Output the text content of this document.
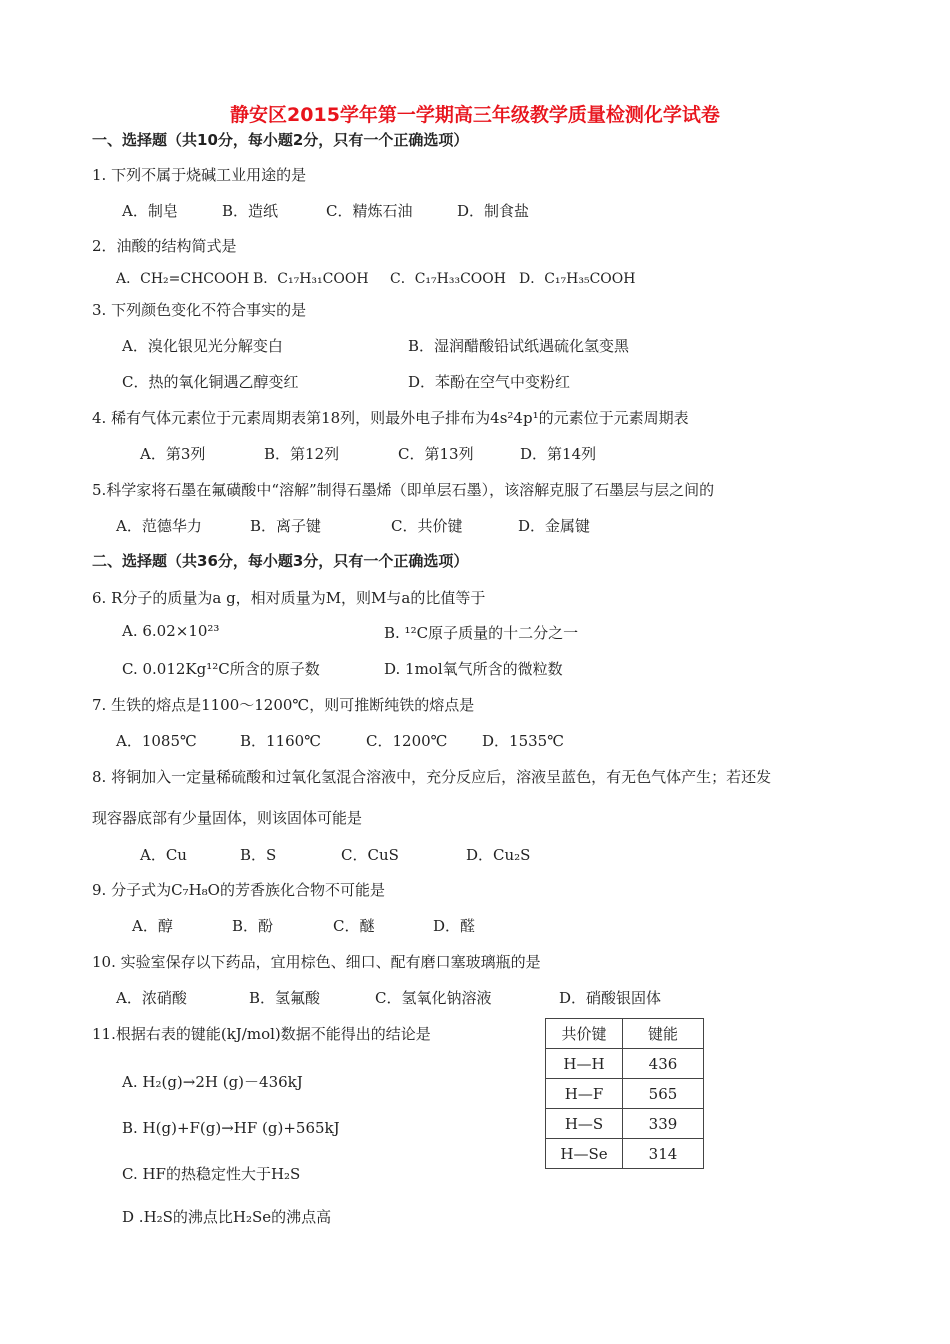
静安区2015学年第一学期高三年级教学质量检测化学试卷
一、选择题（共10分，每小题2分，只有一个正确选项）
1. 下列不属于烧碱工业用途的是
A．制皂	B．造纸	C．精炼石油	D．制食盐
2．油酸的结构简式是
A．CH₂=CHCOOH B．C₁₇H₃₁COOH C．C₁₇H₃₃COOH D．C₁₇H₃₅COOH
3. 下列颜色变化不符合事实的是
A．溴化银见光分解变白	B．湿润醋酸铅试纸遇硫化氢变黑
C．热的氧化铜遇乙醇变红	D．苯酚在空气中变粉红
4. 稀有气体元素位于元素周期表第18列，则最外电子排布为4s²4p¹的元素位于元素周期表
A．第3列	B．第12列	C．第13列	D．第14列
5.科学家将石墨在氟磺酸中“溶解”制得石墨烯（即单层石墨），该溶解克服了石墨层与层之间的
A．范德华力	B．离子键	C．共价键	D．金属键
二、选择题（共36分，每小题3分，只有一个正确选项）
6. R分子的质量为a g，相对质量为M，则M与a的比值等于
A. 6.02×10²³	B. ¹²C原子质量的十二分之一
C. 0.012Kg¹²C所含的原子数	D. 1mol氧气所含的微粒数
7. 生铁的熔点是1100～1200℃，则可推断纯铁的熔点是
A．1085℃	B．1160℃	C．1200℃ D．1535℃
8. 将铜加入一定量稀硫酸和过氧化氢混合溶液中，充分反应后，溶液呈蓝色，有无色气体产生；若还发
现容器底部有少量固体，则该固体可能是
A．Cu	B．S	C．CuS	D．Cu₂S
9. 分子式为C₇H₈O的芳香族化合物不可能是
A．醇	B．酚	C．醚	D．醛
10. 实验室保存以下药品，宜用棕色、细口、配有磨口塞玻璃瓶的是
A．浓硝酸	B．氢氟酸	C．氢氧化钠溶液	D．硝酸银固体
11.根据右表的键能(kJ/mol)数据不能得出的结论是
A. H₂(g)→2H (g)－436kJ
B. H(g)+F(g)→HF (g)+565kJ
C. HF的热稳定性大于H₂S
D .H₂S的沸点比H₂Se的沸点高
共价键	键能
H—H	436
H—F	565
H—S	339
H—Se	314
